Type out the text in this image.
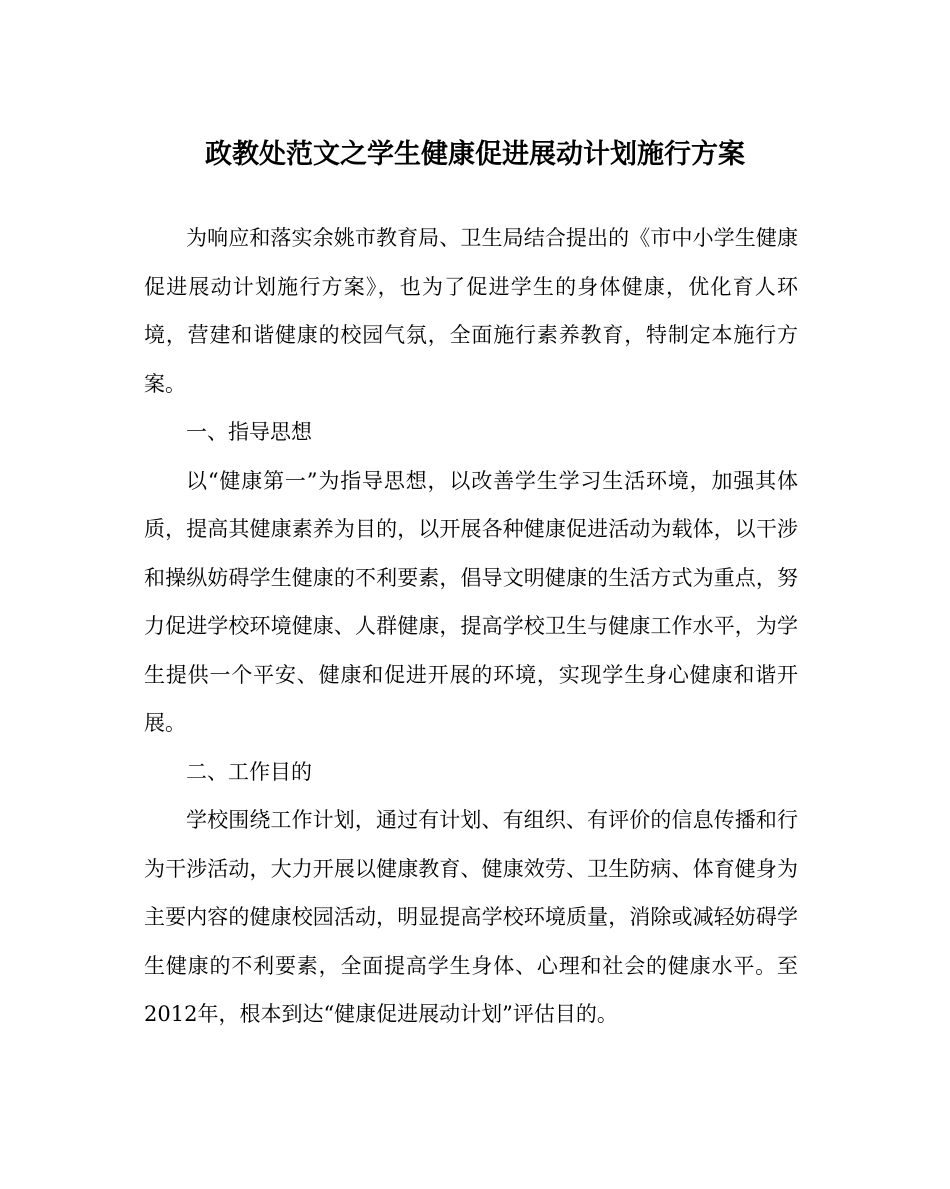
政教处范文之学生健康促进展动计划施行方案

为响应和落实余姚市教育局、卫生局结合提出的《市中小学生健康促进展动计划施行方案》，也为了促进学生的身体健康，优化育人环境，营建和谐健康的校园气氛，全面施行素养教育，特制定本施行方案。

一、指导思想

以“健康第一”为指导思想，以改善学生学习生活环境，加强其体质，提高其健康素养为目的，以开展各种健康促进活动为载体，以干涉和操纵妨碍学生健康的不利要素，倡导文明健康的生活方式为重点，努力促进学校环境健康、人群健康，提高学校卫生与健康工作水平，为学生提供一个平安、健康和促进开展的环境，实现学生身心健康和谐开展。

二、工作目的

学校围绕工作计划，通过有计划、有组织、有评价的信息传播和行为干涉活动，大力开展以健康教育、健康效劳、卫生防病、体育健身为主要内容的健康校园活动，明显提高学校环境质量，消除或减轻妨碍学生健康的不利要素，全面提高学生身体、心理和社会的健康水平。至2012年，根本到达“健康促进展动计划”评估目的。
